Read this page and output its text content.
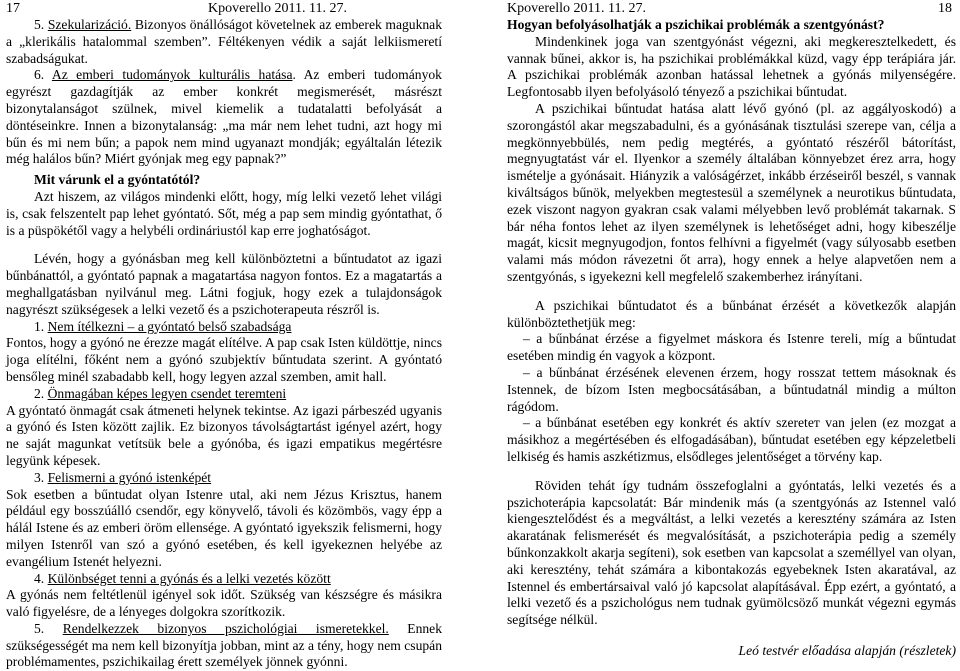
17	Kpoverello 2011. 11. 27.

5. Szekularizáció. Bizonyos önállóságot követelnek az emberek maguknak a „klerikális hatalommal szemben”. Féltékenyen védik a saját lelkiismeretí szabadságukat.

6. Az emberi tudományok kulturális hatása. Az emberi tudományok egyrészt gazdagítják az ember konkrét megismerését, másrészt bizonytalanságot szülnek, mivel kiemelik a tudatalatti befolyását a döntéseinkre. Innen a bizonytalanság: „ma már nem lehet tudni, azt hogy mi bűn és mi nem bűn; a papok nem mind ugyanazt mondják; egyáltalán létezik még halálos bűn? Miért gyónjak meg egy papnak?”

Mit várunk el a gyóntatótól?

Azt hiszem, az világos mindenki előtt, hogy, míg lelki vezető lehet világi is, csak felszentelt pap lehet gyóntató. Sőt, még a pap sem mindig gyóntathat, ő is a püspökétől vagy a helybéli ordináriustól kap erre joghatóságot.

Lévén, hogy a gyónásban meg kell különböztetni a bűntudatot az igazi bűnbánattól, a gyóntató papnak a magatartása nagyon fontos. Ez a magatartás a meghallgatásban nyilvánul meg. Látni fogjuk, hogy ezek a tulajdonságok nagyrészt szükségesek a lelki vezető és a pszichoterapeuta részről is.

1. Nem ítélkezni – a gyóntató belső szabadsága

Fontos, hogy a gyónó ne érezze magát elítélve. A pap csak Isten küldöttje, nincs joga elítélni, főként nem a gyónó szubjektív bűntudata szerint. A gyóntató bensőleg minél szabadabb kell, hogy legyen azzal szemben, amit hall.

2. Önmagában képes legyen csendet teremteni

A gyóntató önmagát csak átmeneti helynek tekintse. Az igazi párbeszéd ugyanis a gyónó és Isten között zajlik. Ez bizonyos távolságtartást igényel azért, hogy ne saját magunkat vetítsük bele a gyónóba, és igazi empatikus megértésre legyünk képesek.

3. Felismerni a gyónó istenképét

Sok esetben a bűntudat olyan Istenre utal, aki nem Jézus Krisztus, hanem például egy bosszúálló csendőr, egy könyvelő, távoli és közömbös, vagy épp a hálál Istene és az emberi öröm ellensége. A gyóntató igyekszik felismerni, hogy milyen Istenről van szó a gyónó esetében, és kell igyekeznen helyébe az evangélium Istenét helyezni.

4. Különbséget tenni a gyónás és a lelki vezetés között

A gyónás nem feltétlenül igényel sok időt. Szükség van készségre és másikra való figyelésre, de a lényeges dolgokra szorítkozik.

5. Rendelkezzek bizonyos pszichológiai ismeretekkel. Ennek szükségességét ma nem kell bizonyítja jobban, mint az a tény, hogy nem csupán problémamentes, pszichikailag érett személyek jönnek gyónni.

Kpoverello 2011. 11. 27.	18

Hogyan befolyásolhatják a pszichikai problémák a szentgyónást?

Mindenkinek joga van szentgyónást végezni, aki megkeresztelkedett, és vannak bűnei, akkor is, ha pszichikai problémákkal küzd, vagy épp terápiára jár. A pszichikai problémák azonban hatással lehetnek a gyónás milyenségére. Legfontosabb ilyen befolyásoló tényező a pszichikai bűntudat.

A pszichikai bűntudat hatása alatt lévő gyónó (pl. az aggályoskodó) a szorongástól akar megszabadulni, és a gyónásának tisztulási szerepe van, célja a megkönnyebbülés, nem pedig megtérés, a gyóntató részéről bátorítást, megnyugtatást vár el. Ilyenkor a személy általában könnyebzet érez arra, hogy ismételje a gyónásait. Hiányzik a valóságérzet, inkább érzéseiről beszél, s vannak kiváltságos bűnök, melyekben megtestesül a személynek a neurotikus bűntudata, ezek viszont nagyon gyakran csak valami mélyebben levő problémát takarnak. S bár néha fontos lehet az ilyen személynek is lehetőséget adni, hogy kibeszélje magát, kicsit megnyugodjon, fontos felhívni a figyelmét (vagy súlyosabb esetben valami más módon rávezetni őt arra), hogy ennek a helye alapvetően nem a szentgyónás, s igyekezni kell megfelelő szakemberhez irányítani.

A pszichikai bűntudatot és a bűnbánat érzését a következők alapján különböztethetjük meg:

– a bűnbánat érzése a figyelmet máskora és Istenre tereli, míg a bűntudat esetében mindig én vagyok a központ.

– a bűnbánat érzésének elevenen érzem, hogy rosszat tettem másoknak és Istennek, de bízom Isten megbocsátásában, a bűntudatnál mindig a múlton rágódom.

– a bűnbánat esetében egy konkrét és aktív szereteт van jelen (ez mozgat a másikhoz a megértésében és elfogadásában), bűntudat esetében egy képzeletbeli lelkiség és hamis aszkétizmus, elsődleges jelentőséget a törvény kap.

Röviden tehát így tudnám összefoglalni a gyóntatás, lelki vezetés és a pszichoterápia kapcsolatát: Bár mindenik más (a szentgyónás az Istennel való kiengesztelődést és a megváltást, a lelki vezetés a keresztény számára az Isten akaratának felismerését és megvalósítását, a pszichoterápia pedig a személy bűnkonzakkolt akarja segíteni), sok esetben van kapcsolat a személlyel van olyan, aki keresztény, tehát számára a kibontakozás egyebeknek Isten akaratával, az Istennel és embertársaival való jó kapcsolat alapításával. Épp ezért, a gyóntató, a lelki vezető és a pszichológus nem tudnak gyümölcsöző munkát végezni egymás segítsége nélkül.

Leó testvér előadása alapján (részletek)
